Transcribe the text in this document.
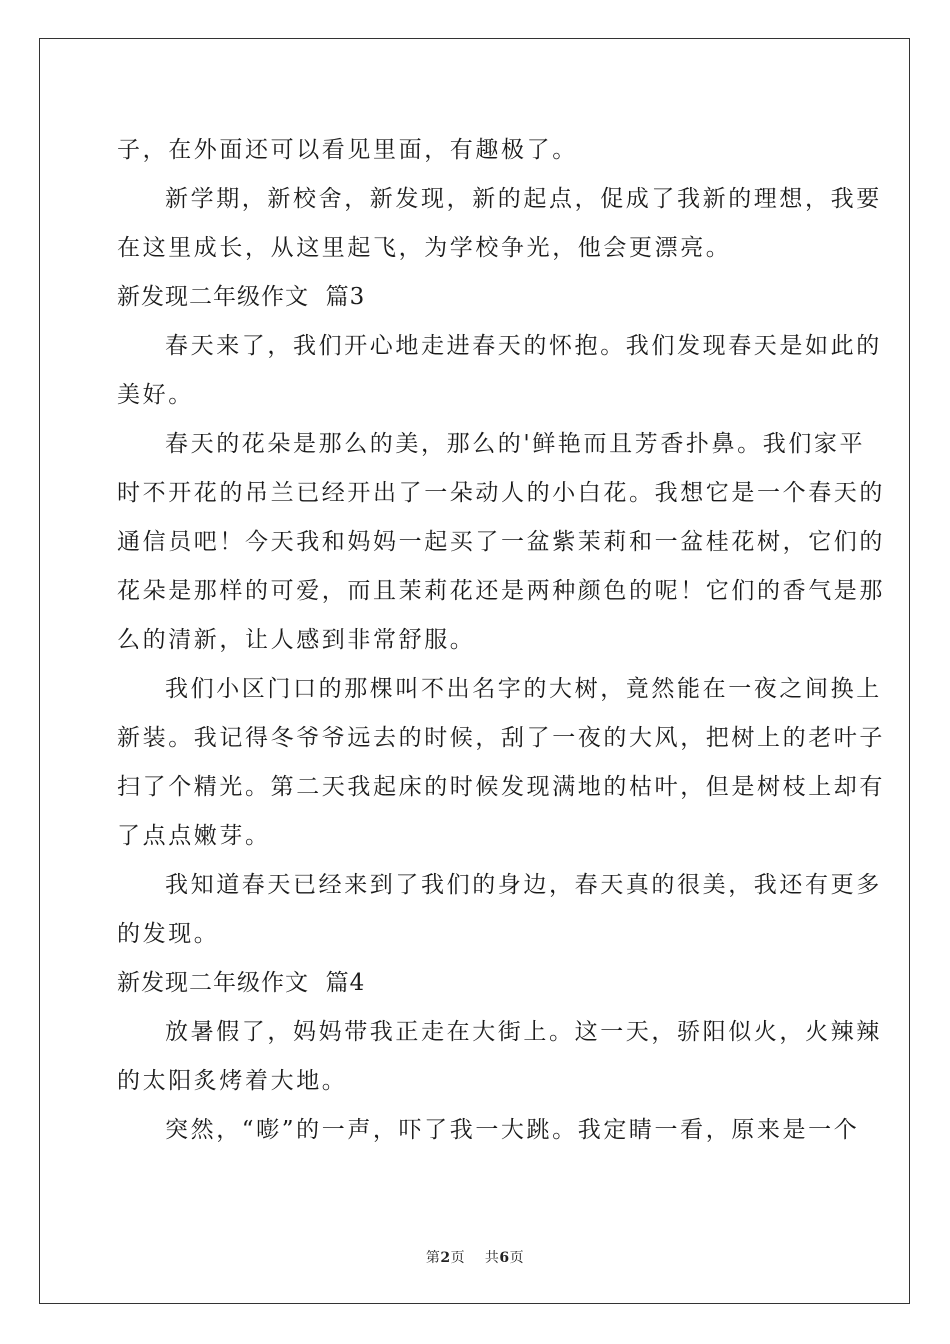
子，在外面还可以看见里面，有趣极了。
新学期，新校舍，新发现，新的起点，促成了我新的理想，我要
在这里成长，从这里起飞，为学校争光，他会更漂亮。
新发现二年级作文  篇3
春天来了，我们开心地走进春天的怀抱。我们发现春天是如此的
美好。
春天的花朵是那么的美，那么的'鲜艳而且芳香扑鼻。我们家平
时不开花的吊兰已经开出了一朵动人的小白花。我想它是一个春天的
通信员吧！今天我和妈妈一起买了一盆紫茉莉和一盆桂花树，它们的
花朵是那样的可爱，而且茉莉花还是两种颜色的呢！它们的香气是那
么的清新，让人感到非常舒服。
我们小区门口的那棵叫不出名字的大树，竟然能在一夜之间换上
新装。我记得冬爷爷远去的时候，刮了一夜的大风，把树上的老叶子
扫了个精光。第二天我起床的时候发现满地的枯叶，但是树枝上却有
了点点嫩芽。
我知道春天已经来到了我们的身边，春天真的很美，我还有更多
的发现。
新发现二年级作文  篇4
放暑假了，妈妈带我正走在大街上。这一天，骄阳似火，火辣辣
的太阳炙烤着大地。
突然，“嘭”的一声，吓了我一大跳。我定睛一看，原来是一个
第2页 共6页
